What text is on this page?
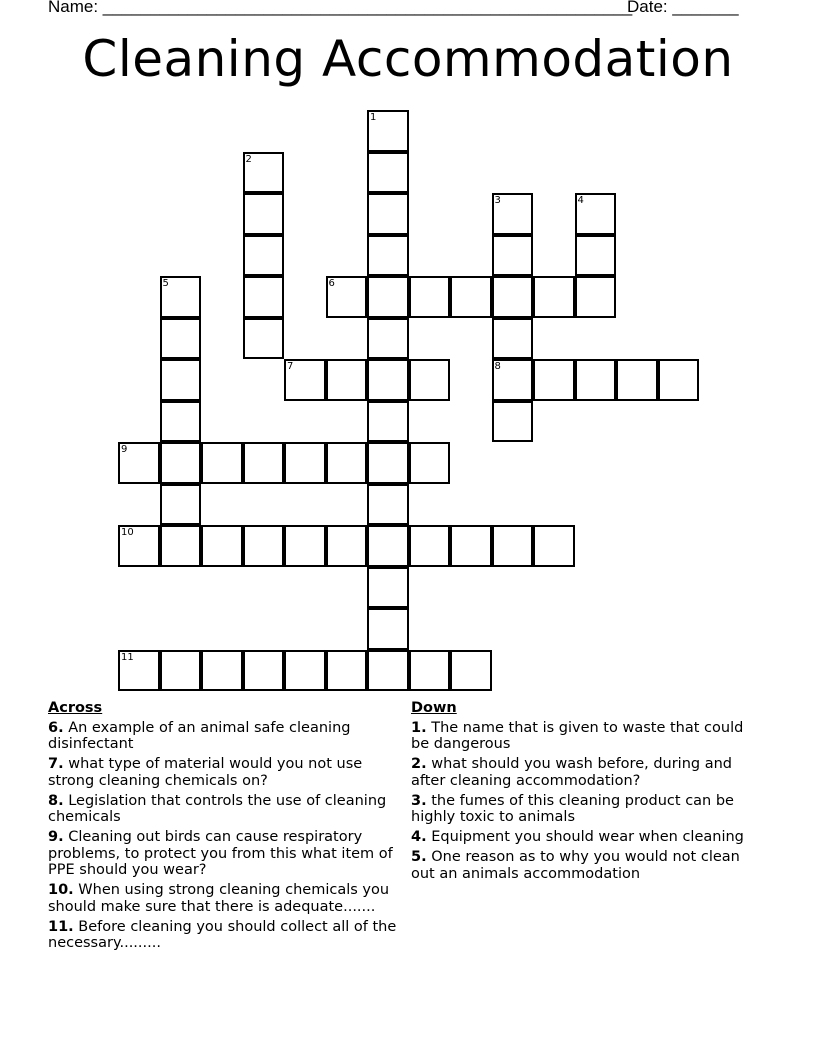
Name: ________________________________________________________
Date: _______
Cleaning Accommodation
1
2
3
8
4
5	6
7
9
10
11
Across
6. An example of an animal safe cleaning disinfectant
7. what type of material would you not use strong cleaning chemicals on?
8. Legislation that controls the use of cleaning chemicals
9. Cleaning out birds can cause respiratory problems, to protect you from this what item of PPE should you wear?
10. When using strong cleaning chemicals you should make sure that there is adequate.......
11. Before cleaning you should collect all of the necessary.........
Down
1. The name that is given to waste that could be dangerous
2. what should you wash before, during and after cleaning accommodation?
3. the fumes of this cleaning product can be highly toxic to animals
4. Equipment you should wear when cleaning
5. One reason as to why you would not clean out an animals accommodation
